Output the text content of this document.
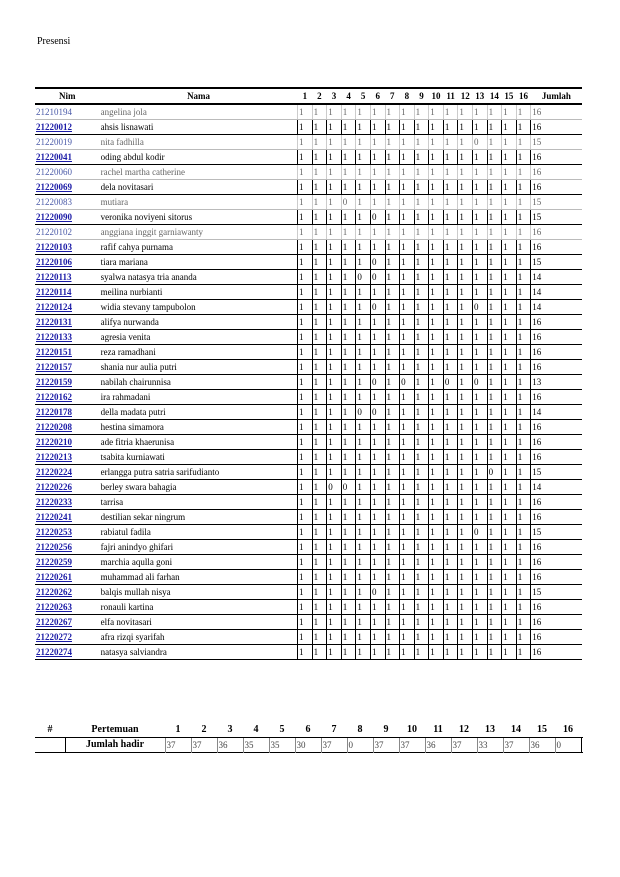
Presensi
Nim	Nama	1	2	3	4	5	6	7	8	9	10	11	12	13	14	15	16	Jumlah
21210194	angelina jola	1	1	1	1	1	1	1	1	1	1	1	1	1	1	1	1	16
21220012	ahsis lisnawati	1	1	1	1	1	1	1	1	1	1	1	1	1	1	1	1	16
21220019	nita fadhilla	1	1	1	1	1	1	1	1	1	1	1	1	0	1	1	1	15
21220041	oding abdul kodir	1	1	1	1	1	1	1	1	1	1	1	1	1	1	1	1	16
21220060	rachel martha catherine	1	1	1	1	1	1	1	1	1	1	1	1	1	1	1	1	16
21220069	dela novitasari	1	1	1	1	1	1	1	1	1	1	1	1	1	1	1	1	16
21220083	mutiara	1	1	1	0	1	1	1	1	1	1	1	1	1	1	1	1	15
21220090	veronika noviyeni sitorus	1	1	1	1	1	0	1	1	1	1	1	1	1	1	1	1	15
21220102	anggiana inggit garniawanty	1	1	1	1	1	1	1	1	1	1	1	1	1	1	1	1	16
21220103	rafif cahya purnama	1	1	1	1	1	1	1	1	1	1	1	1	1	1	1	1	16
21220106	tiara mariana	1	1	1	1	1	0	1	1	1	1	1	1	1	1	1	1	15
21220113	syalwa natasya tria ananda	1	1	1	1	0	0	1	1	1	1	1	1	1	1	1	1	14
21220114	meilina nurbianti	1	1	1	1	1	1	1	1	1	1	1	1	1	1	1	1	14
21220124	widia stevany tampubolon	1	1	1	1	1	0	1	1	1	1	1	1	0	1	1	1	14
21220131	alifya nurwanda	1	1	1	1	1	1	1	1	1	1	1	1	1	1	1	1	16
21220133	agresia venita	1	1	1	1	1	1	1	1	1	1	1	1	1	1	1	1	16
21220151	reza ramadhani	1	1	1	1	1	1	1	1	1	1	1	1	1	1	1	1	16
21220157	shania nur aulia putri	1	1	1	1	1	1	1	1	1	1	1	1	1	1	1	1	16
21220159	nabilah chairunnisa	1	1	1	1	1	0	1	0	1	1	0	1	0	1	1	1	13
21220162	ira rahmadani	1	1	1	1	1	1	1	1	1	1	1	1	1	1	1	1	16
21220178	della madata putri	1	1	1	1	0	0	1	1	1	1	1	1	1	1	1	1	14
21220208	hestina simamora	1	1	1	1	1	1	1	1	1	1	1	1	1	1	1	1	16
21220210	ade fitria khaerunisa	1	1	1	1	1	1	1	1	1	1	1	1	1	1	1	1	16
21220213	tsabita kurniawati	1	1	1	1	1	1	1	1	1	1	1	1	1	1	1	1	16
21220224	erlangga putra satria sarifudianto	1	1	1	1	1	1	1	1	1	1	1	1	1	0	1	1	15
21220226	berley swara bahagia	1	1	0	0	1	1	1	1	1	1	1	1	1	1	1	1	14
21220233	tarrisa	1	1	1	1	1	1	1	1	1	1	1	1	1	1	1	1	16
21220241	destilian sekar ningrum	1	1	1	1	1	1	1	1	1	1	1	1	1	1	1	1	16
21220253	rabiatul fadila	1	1	1	1	1	1	1	1	1	1	1	1	0	1	1	1	15
21220256	fajri anindyo ghifari	1	1	1	1	1	1	1	1	1	1	1	1	1	1	1	1	16
21220259	marchia aqulla goni	1	1	1	1	1	1	1	1	1	1	1	1	1	1	1	1	16
21220261	muhammad ali farhan	1	1	1	1	1	1	1	1	1	1	1	1	1	1	1	1	16
21220262	balqis mullah nisya	1	1	1	1	1	0	1	1	1	1	1	1	1	1	1	1	15
21220263	ronauli kartina	1	1	1	1	1	1	1	1	1	1	1	1	1	1	1	1	16
21220267	elfa novitasari	1	1	1	1	1	1	1	1	1	1	1	1	1	1	1	1	16
21220272	afra rizqi syarifah	1	1	1	1	1	1	1	1	1	1	1	1	1	1	1	1	16
21220274	natasya salviandra	1	1	1	1	1	1	1	1	1	1	1	1	1	1	1	1	16
#	Pertemuan	1	2	3	4	5	6	7	8	9	10	11	12	13	14	15	16	
	Jumlah hadir	37	37	36	35	35	30	37	0	37	37	36	37	33	37	36	0	
